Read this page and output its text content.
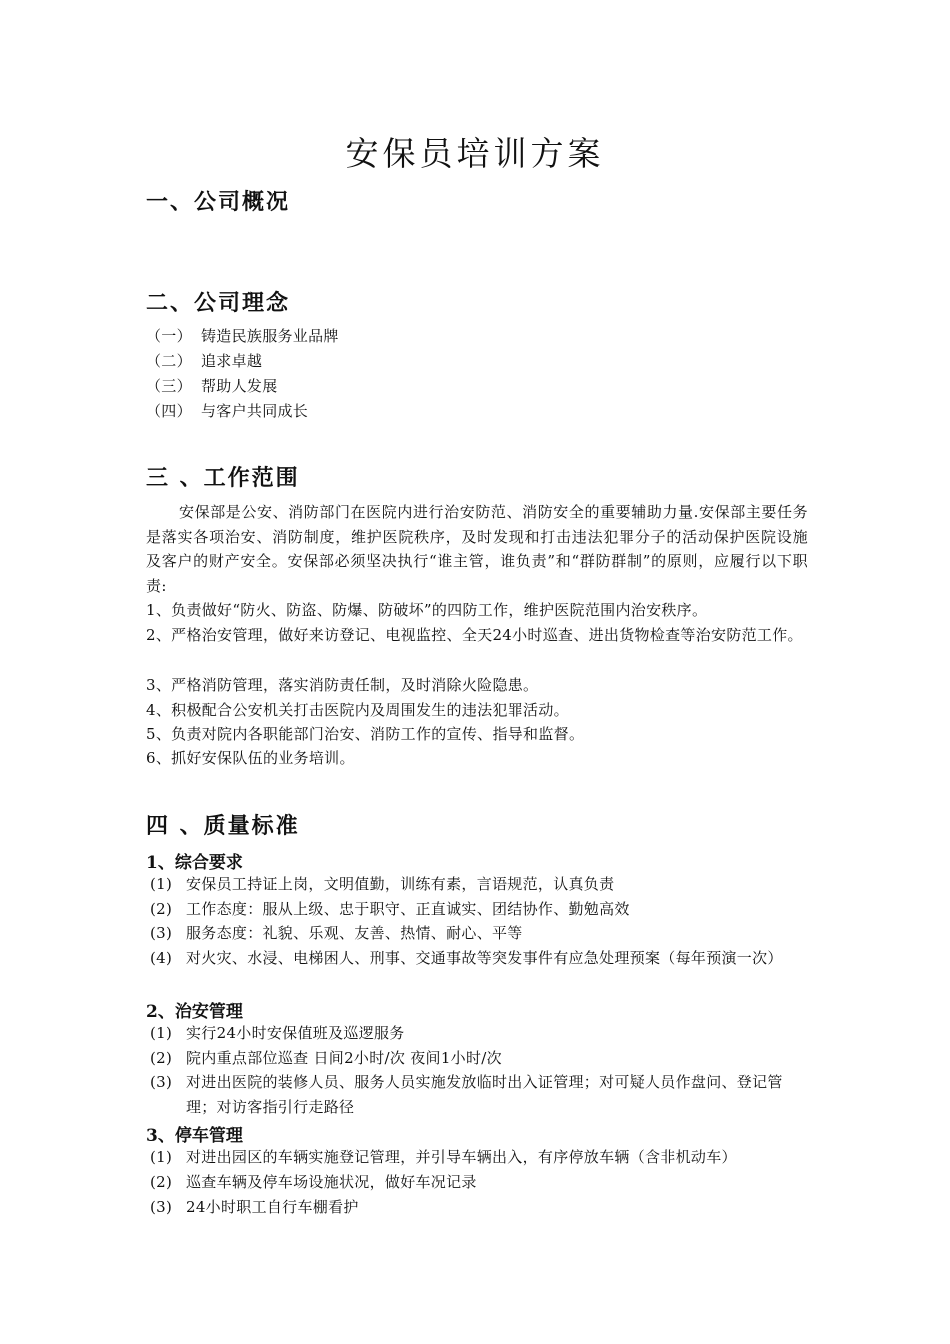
安保员培训方案
一、公司概况
二、公司理念
（一） 铸造民族服务业品牌
（二） 追求卓越
（三） 帮助人发展
（四） 与客户共同成长
三 、工作范围

安保部是公安、消防部门在医院内进行治安防范、消防安全的重要辅助力量.安保部主要任务是落实各项治安、消防制度，维护医院秩序，及时发现和打击违法犯罪分子的活动保护医院设施及客户的财产安全。安保部必须坚决执行“谁主管，谁负责”和“群防群制”的原则，应履行以下职责:

1、负责做好“防火、防盗、防爆、防破坏”的四防工作，维护医院范围内治安秩序。

2、严格治安管理，做好来访登记、电视监控、全天24小时巡查、进出货物检查等治安防范工作。

3、严格消防管理，落实消防责任制，及时消除火险隐患。
4、积极配合公安机关打击医院内及周围发生的违法犯罪活动。
5、负责对院内各职能部门治安、消防工作的宣传、指导和监督。
6、抓好安保队伍的业务培训。
四 、质量标准
1、综合要求
(1) 安保员工持证上岗，文明值勤，训练有素，言语规范，认真负责
(2) 工作态度：服从上级、忠于职守、正直诚实、团结协作、勤勉高效
(3) 服务态度：礼貌、乐观、友善、热情、耐心、平等
(4) 对火灾、水浸、电梯困人、刑事、交通事故等突发事件有应急处理预案（每年预演一次）

2、治安管理
(1) 实行24小时安保值班及巡逻服务
(2) 院内重点部位巡查 日间2小时/次 夜间1小时/次
(3) 对进出医院的装修人员、服务人员实施发放临时出入证管理；对可疑人员作盘问、登记管理；对访客指引行走路径

3、停车管理
(1) 对进出园区的车辆实施登记管理，并引导车辆出入，有序停放车辆（含非机动车）
(2) 巡查车辆及停车场设施状况，做好车况记录
(3) 24小时职工自行车棚看护
